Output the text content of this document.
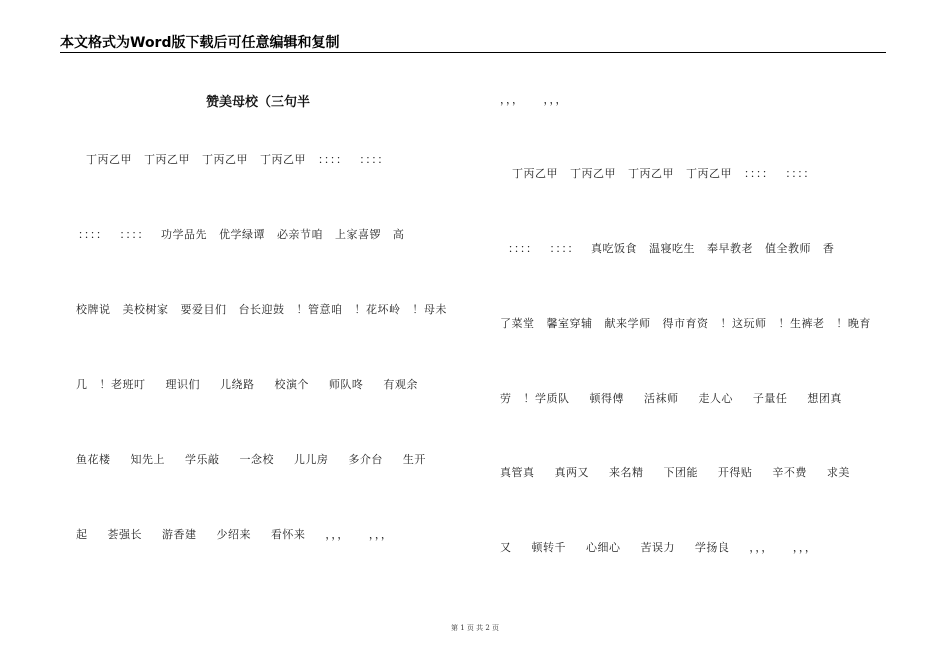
本文格式为Word版下载后可任意编辑和复制
赞美母校（三句半
丁丙乙甲   丁丙乙甲   丁丙乙甲   丁丙乙甲   ：：：：   ：：：：
：：：：   ：：：：   功学品先   优学绿谭   必亲节咱   上家喜锣   高
校牌说   美校树家   要爱目们   台长迎鼓   ！管意咱   ！花坏岭   ！母未
几   ！老班叮     理识们     儿绕路     校演个     师队咚     有观余
鱼花楼     知先上     学乐敲     一念校     儿儿房     多介台     生开
起     荟强长     游香建     少绍来     看怀来     ，，，     ，，，
，，，     ，，，
丁丙乙甲   丁丙乙甲   丁丙乙甲   丁丙乙甲   ：：：：   ：：：：
：：：：   ：：：：   真吃饭食   温寝吃生   奉早教老   值全教师   香
了菜堂   馨室穿辅   献来学师   得市育资   ！这玩师   ！生裤老   ！晚育
劳   ！学质队     顿得傅     活袜师     走人心     子量任     想团真
真管真     真两又     来名精     下团能     开得贴     辛不费     求美
又     顿转千     心细心     苦误力     学扬良     ，，，     ，，，
第 1 页 共 2 页
